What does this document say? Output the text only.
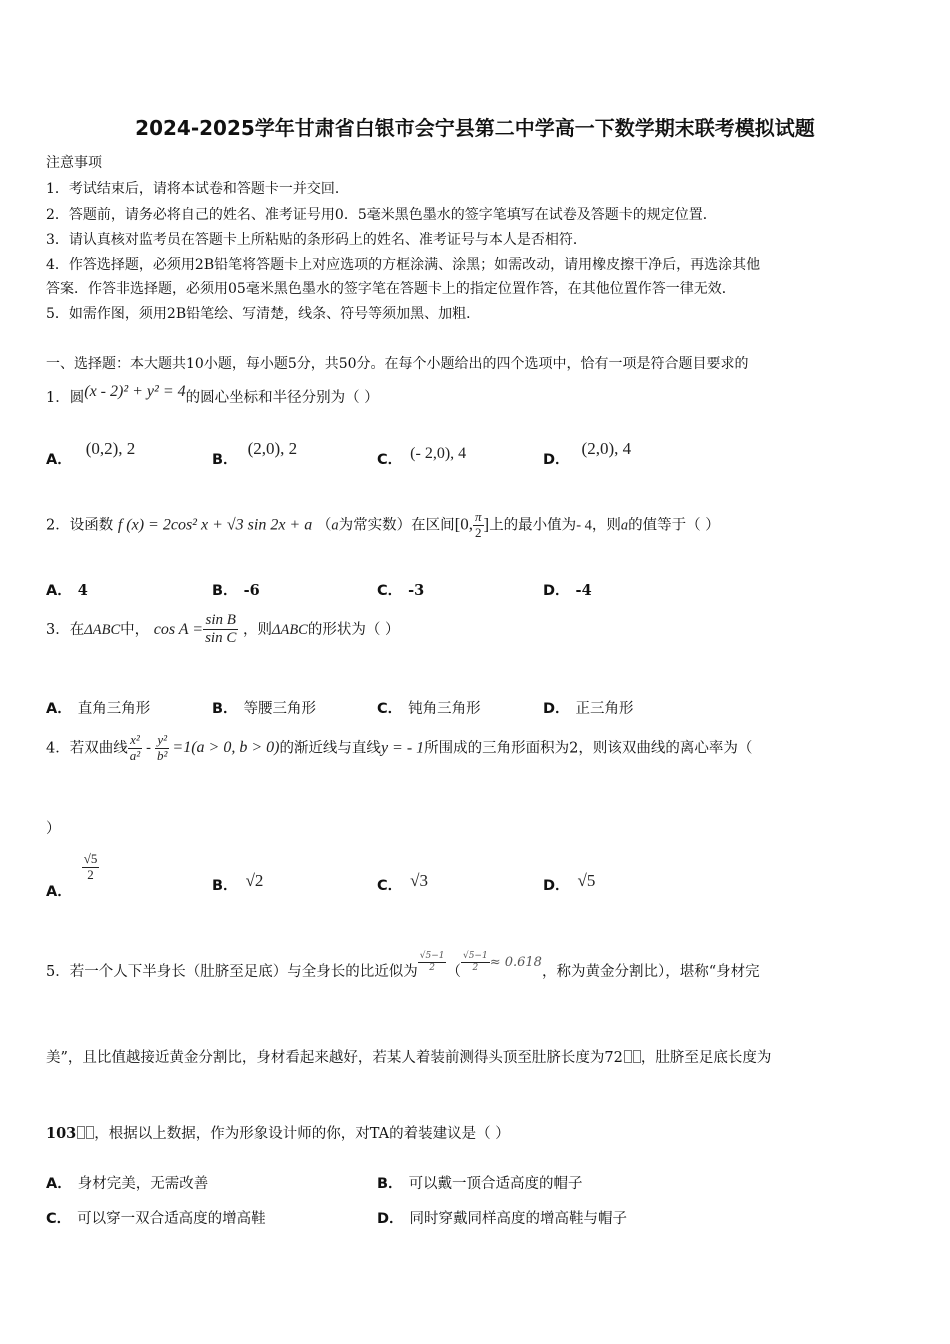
2024-2025学年甘肃省白银市会宁县第二中学高一下数学期末联考模拟试题
注意事项
1．考试结束后，请将本试卷和答题卡一并交回．
2．答题前，请务必将自己的姓名、准考证号用0．5毫米黑色墨水的签字笔填写在试卷及答题卡的规定位置．
3．请认真核对监考员在答题卡上所粘贴的条形码上的姓名、准考证号与本人是否相符．
4．作答选择题，必须用2B铅笔将答题卡上对应选项的方框涂满、涂黑；如需改动，请用橡皮擦干净后，再选涂其他
答案．作答非选择题，必须用05毫米黑色墨水的签字笔在答题卡上的指定位置作答，在其他位置作答一律无效．
5．如需作图，须用2B铅笔绘、写清楚，线条、符号等须加黑、加粗．
一、选择题：本大题共10小题，每小题5分，共50分。在每个小题给出的四个选项中，恰有一项是符合题目要求的
1．圆(x - 2)² + y² = 4的圆心坐标和半径分别为（ ）
A．(0,2), 2
B．(2,0), 2
C． (- 2,0), 4	D．(2,0), 4
2．设函数 f (x) = 2cos² x + √3 sin 2x + a （a为常实数）在区间[0, $\frac{\pi}{2}$ ]上的最小值为- 4，则a的值等于（ ）
A． 4	B． -6	C． -3	D． -4
3．在ΔABC中， $\cos A = \frac{\text{sin B}}{\text{sin C}}$ ，则ΔABC的形状为（ ）
A． 直角三角形	B． 等腰三角形	C． 钝角三角形	D． 正三角形
4．若双曲线 $\frac{\text{x²}}{\text{a²}} - \frac{\text{y²}}{\text{b²}} =1(a > 0$, b > 0)的渐近线与直线y = - 1所围成的三角形面积为2，则该双曲线的离心率为（
）
A．
$\frac{√5}{2}$
B． √2	C． √3	D． √5
5．若一个人下半身长（肚脐至足底）与全身长的比近似为 $\frac{√5-1}{2}$ （ $\frac{√5-1}{2} \approx 0.618$，称为黄金分割比），堪称“身材完
美”，且比值越接近黄金分割比，身材看起来越好，若某人着装前测得头顶至肚脐长度为72 ，肚脐至足底长度为
103 ，根据以上数据，作为形象设计师的你，对TA的着装建议是（ ）
A． 身材完美，无需改善	B． 可以戴一顶合适高度的帽子
C． 可以穿一双合适高度的增高鞋	D． 同时穿戴同样高度的增高鞋与帽子
